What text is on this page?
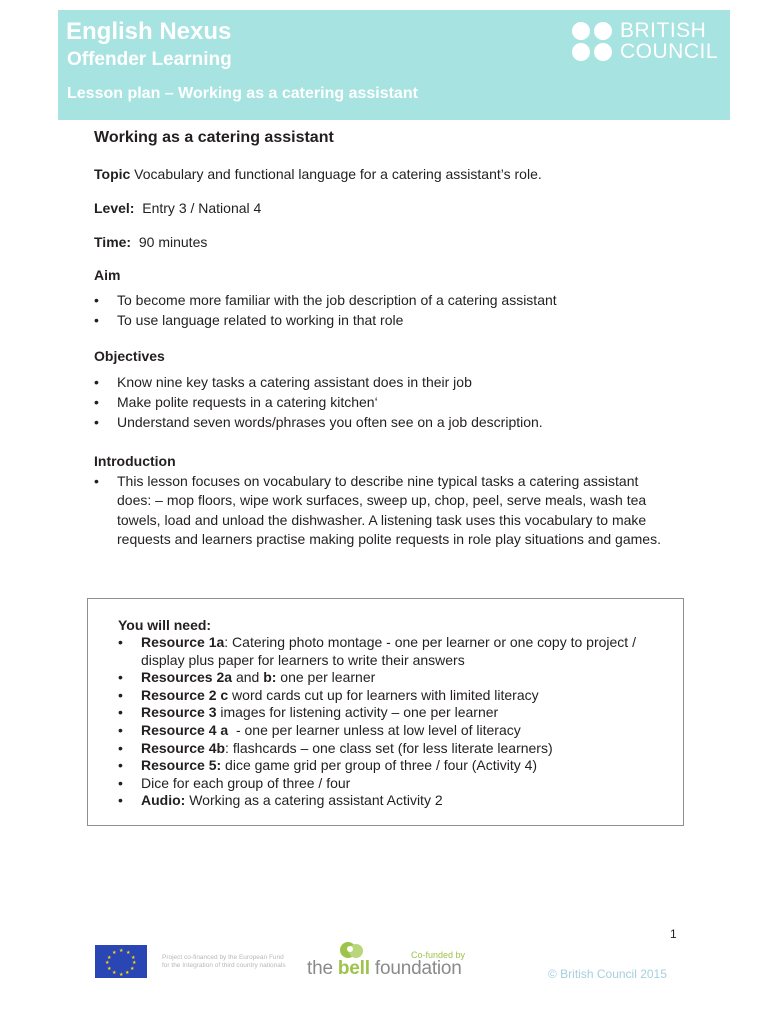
English Nexus
Offender Learning
Lesson plan – Working as a catering assistant
BRITISH
COUNCIL
Working as a catering assistant
Topic Vocabulary and functional language for a catering assistant’s role.
Level:  Entry 3 / National 4
Time:  90 minutes
Aim
• To become more familiar with the job description of a catering assistant
• To use language related to working in that role
Objectives
• Know nine key tasks a catering assistant does in their job
• Make polite requests in a catering kitchen‘
• Understand seven words/phrases you often see on a job description.
Introduction
• This lesson focuses on vocabulary to describe nine typical tasks a catering assistant does: – mop floors, wipe work surfaces, sweep up, chop, peel, serve meals, wash tea towels, load and unload the dishwasher. A listening task uses this vocabulary to make requests and learners practise making polite requests in role play situations and games.
You will need:
• Resource 1a: Catering photo montage - one per learner or one copy to project / display plus paper for learners to write their answers
• Resources 2a and b: one per learner
• Resource 2 c word cards cut up for learners with limited literacy
• Resource 3 images for listening activity – one per learner
• Resource 4 a  - one per learner unless at low level of literacy
• Resource 4b: flashcards – one class set (for less literate learners)
• Resource 5: dice game grid per group of three / four (Activity 4)
• Dice for each group of three / four
• Audio: Working as a catering assistant Activity 2
1
★ ★
★
★
★
★
★
★
★
★
★
★
Project co-financed by the European Fund for the Integration of third country nationals
Co-funded by
the bell foundation	© British Council 2015
